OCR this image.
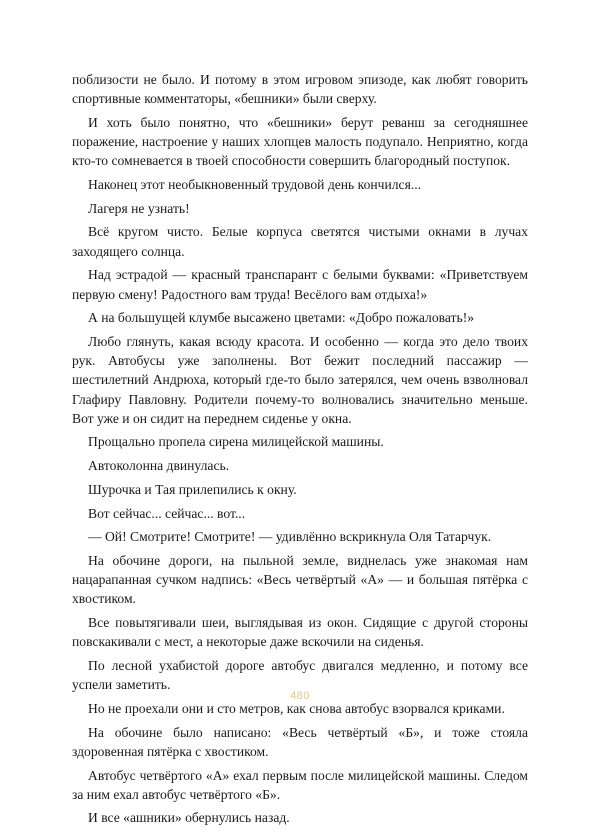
поблизости не было. И потому в этом игровом эпизоде, как любят говорить спортивные комментаторы, «бешники» были сверху.

И хоть было понятно, что «бешники» берут реванш за сегодняшнее поражение, настроение у наших хлопцев малость подупало. Неприятно, когда кто-то сомневается в твоей способности совершить благородный поступок.

Наконец этот необыкновенный трудовой день кончился...

Лагеря не узнать!

Всё кругом чисто. Белые корпуса светятся чистыми окнами в лучах заходящего солнца.

Над эстрадой — красный транспарант с белыми буквами: «Приветствуем первую смену! Радостного вам труда! Весёлого вам отдыха!»

А на большущей клумбе высажено цветами: «Добро пожаловать!»

Любо глянуть, какая всюду красота. И особенно — когда это дело твоих рук. Автобусы уже заполнены. Вот бежит последний пассажир — шестилетний Андрюха, который где-то было затерялся, чем очень взволновал Глафиру Павловну. Родители почему-то волновались значительно меньше. Вот уже и он сидит на переднем сиденье у окна.

Прощально пропела сирена милицейской машины.

Автоколонна двинулась.

Шурочка и Тая прилепились к окну.

Вот сейчас... сейчас... вот...

— Ой! Смотрите! Смотрите! — удивлённо вскрикнула Оля Татарчук.

На обочине дороги, на пыльной земле, виднелась уже знакомая нам нацарапанная сучком надпись: «Весь четвёртый «А» — и большая пятёрка с хвостиком.

Все повытягивали шеи, выглядывая из окон. Сидящие с другой стороны повскакивали с мест, а некоторые даже вскочили на сиденья.

По лесной ухабистой дороге автобус двигался медленно, и потому все успели заметить.

Но не проехали они и сто метров, как снова автобус взорвался криками.

На обочине было написано: «Весь четвёртый «Б», и тоже стояла здоровенная пятёрка с хвостиком.

Автобус четвёртого «А» ехал первым после милицейской машины. Следом за ним ехал автобус четвёртого «Б».

И все «ашники» обернулись назад.

480
